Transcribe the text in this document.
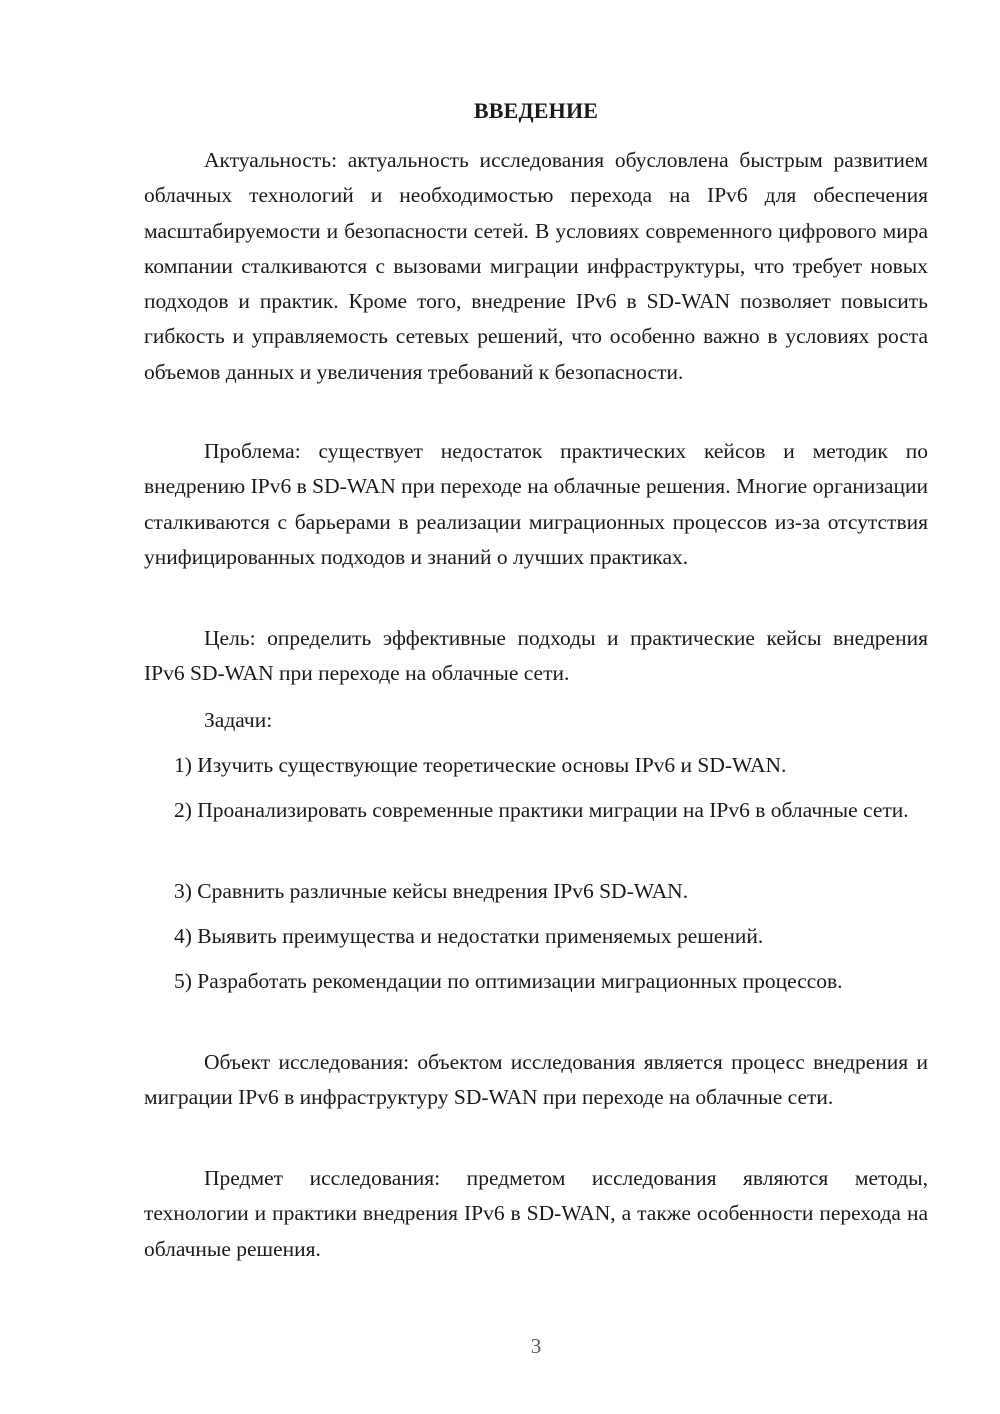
ВВЕДЕНИЕ

Актуальность: актуальность исследования обусловлена быстрым развитием облачных технологий и необходимостью перехода на IPv6 для обеспечения масштабируемости и безопасности сетей. В условиях современного цифрового мира компании сталкиваются с вызовами миграции инфраструктуры, что требует новых подходов и практик. Кроме того, внедрение IPv6 в SD-WAN позволяет повысить гибкость и управляемость сетевых решений, что особенно важно в условиях роста объемов данных и увеличения требований к безопасности.

Проблема: существует недостаток практических кейсов и методик по внедрению IPv6 в SD-WAN при переходе на облачные решения. Многие организации сталкиваются с барьерами в реализации миграционных процессов из-за отсутствия унифицированных подходов и знаний о лучших практиках.

Цель: определить эффективные подходы и практические кейсы внедрения IPv6 SD-WAN при переходе на облачные сети.

Задачи:

1) Изучить существующие теоретические основы IPv6 и SD-WAN.

2) Проанализировать современные практики миграции на IPv6 в облачные сети.

3) Сравнить различные кейсы внедрения IPv6 SD-WAN.

4) Выявить преимущества и недостатки применяемых решений.

5) Разработать рекомендации по оптимизации миграционных процессов.

Объект исследования: объектом исследования является процесс внедрения и миграции IPv6 в инфраструктуру SD-WAN при переходе на облачные сети.

Предмет исследования: предметом исследования являются методы, технологии и практики внедрения IPv6 в SD-WAN, а также особенности перехода на облачные решения.

3
